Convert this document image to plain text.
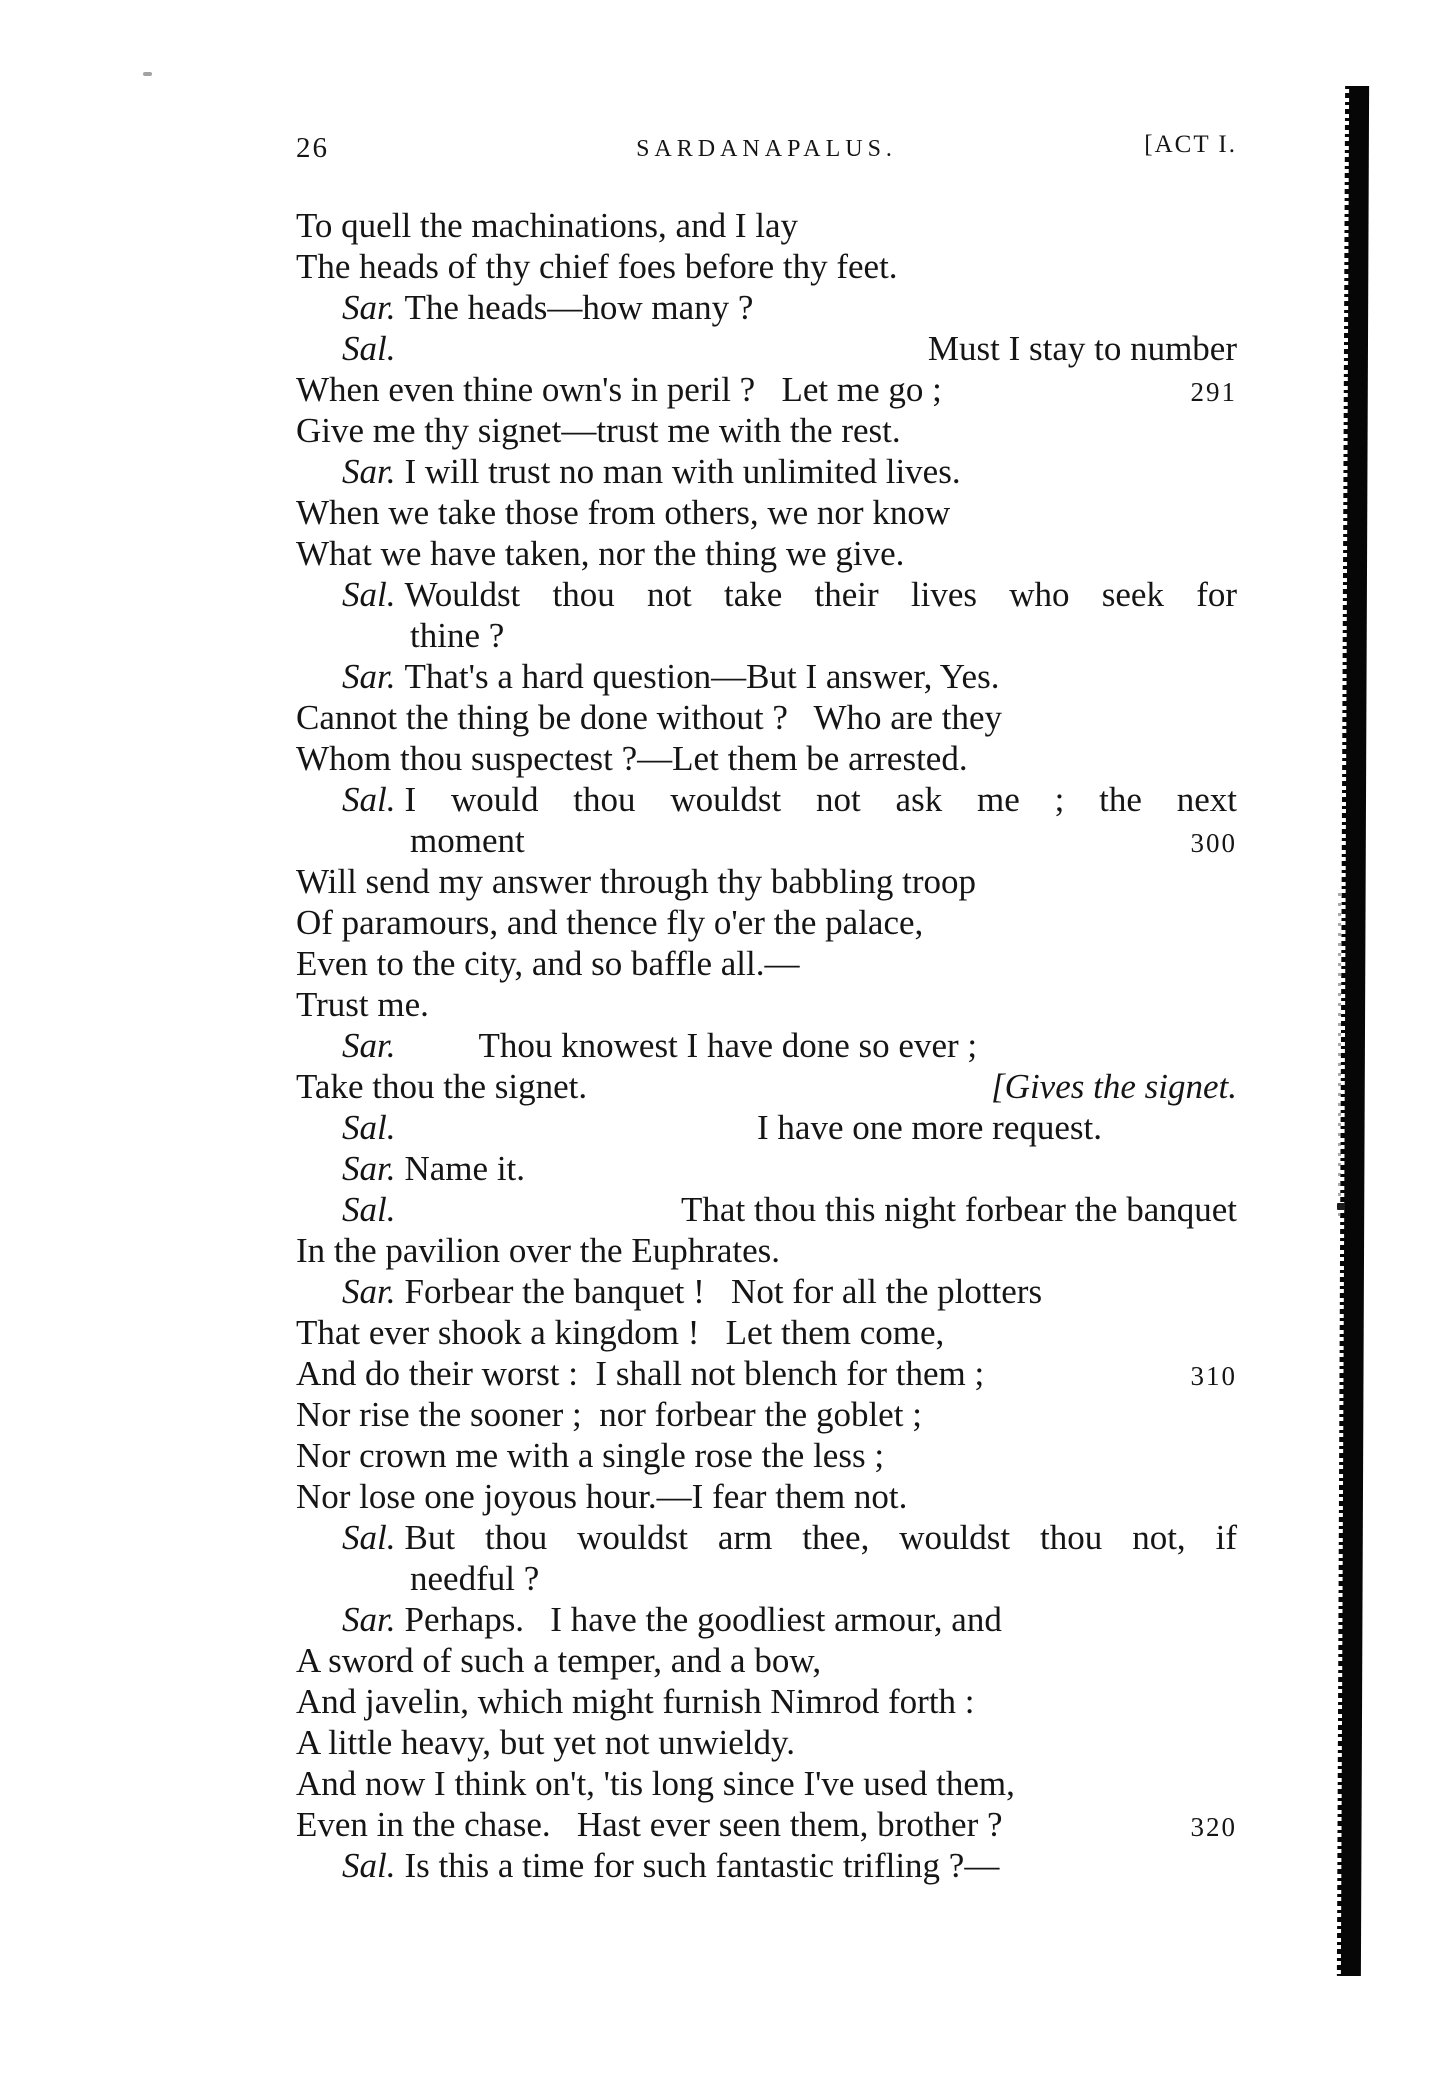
26	SARDANAPALUS.	[ACT I.
To quell the machinations, and I lay
The heads of thy chief foes before thy feet.
Sar. The heads—how many ?
Sal.	Must I stay to number
When even thine own's in peril ?   Let me go ;	291
Give me thy signet—trust me with the rest.
Sar. I will trust no man with unlimited lives.
When we take those from others, we nor know
What we have taken, nor the thing we give.
Sal. Wouldst thou not take their lives who seek for
thine ?
Sar. That's a hard question—But I answer, Yes.
Cannot the thing be done without ?   Who are they
Whom thou suspectest ?—Let them be arrested.
Sal. I would thou wouldst not ask me ; the next
moment	300
Will send my answer through thy babbling troop
Of paramours, and thence fly o'er the palace,
Even to the city, and so baffle all.—
Trust me.
Sar. Thou knowest I have done so ever ;
Take thou the signet.	[Gives the signet.
Sal.	I have one more request.
Sar. Name it.
Sal.	That thou this night forbear the banquet
In the pavilion over the Euphrates.
Sar. Forbear the banquet !   Not for all the plotters
That ever shook a kingdom !   Let them come,
And do their worst :  I shall not blench for them ;	310
Nor rise the sooner ;  nor forbear the goblet ;
Nor crown me with a single rose the less ;
Nor lose one joyous hour.—I fear them not.
Sal. But thou wouldst arm thee, wouldst thou not, if
needful ?
Sar. Perhaps.   I have the goodliest armour, and
A sword of such a temper, and a bow,
And javelin, which might furnish Nimrod forth :
A little heavy, but yet not unwieldy.
And now I think on't, 'tis long since I've used them,
Even in the chase.   Hast ever seen them, brother ?	320
Sal. Is this a time for such fantastic trifling ?—
